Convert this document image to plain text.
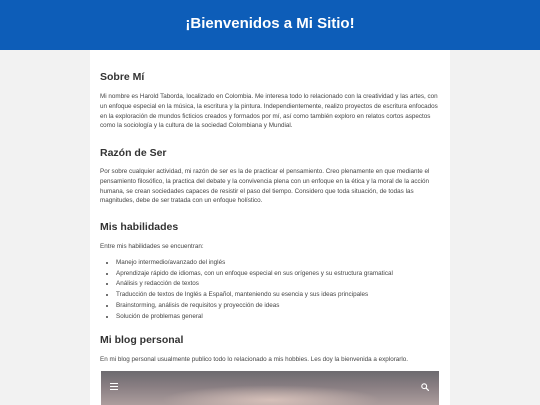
¡Bienvenidos a Mi Sitio!
Sobre Mí

Mi nombre es Harold Taborda, localizado en Colombia. Me interesa todo lo relacionado con la creatividad y las artes, con un enfoque especial en la música, la escritura y la pintura. Independientemente, realizo proyectos de escritura enfocados en la exploración de mundos ficticios creados y formados por mí, así como también exploro en relatos cortos aspectos como la sociología y la cultura de la sociedad Colombiana y Mundial.

Razón de Ser

Por sobre cualquier actividad, mi razón de ser es la de practicar el pensamiento. Creo plenamente en que mediante el pensamiento filosófico, la practica del debate y la convivencia plena con un enfoque en la ética y la moral de la acción humana, se crean sociedades capaces de resistir el paso del tiempo. Considero que toda situación, de todas las magnitudes, debe de ser tratada con un enfoque holístico.

Mis habilidades

Entre mis habilidades se encuentran:

• Manejo intermedio/avanzado del inglés
• Aprendizaje rápido de idiomas, con un enfoque especial en sus orígenes y su estructura gramatical
• Análisis y redacción de textos
• Traducción de textos de Inglés a Español, manteniendo su esencia y sus ideas principales
• Brainstorming, análisis de requisitos y proyección de ideas
• Solución de problemas general
Mi blog personal

En mi blog personal usualmente publico todo lo relacionado a mis hobbies. Les doy la bienvenida a explorarlo.
